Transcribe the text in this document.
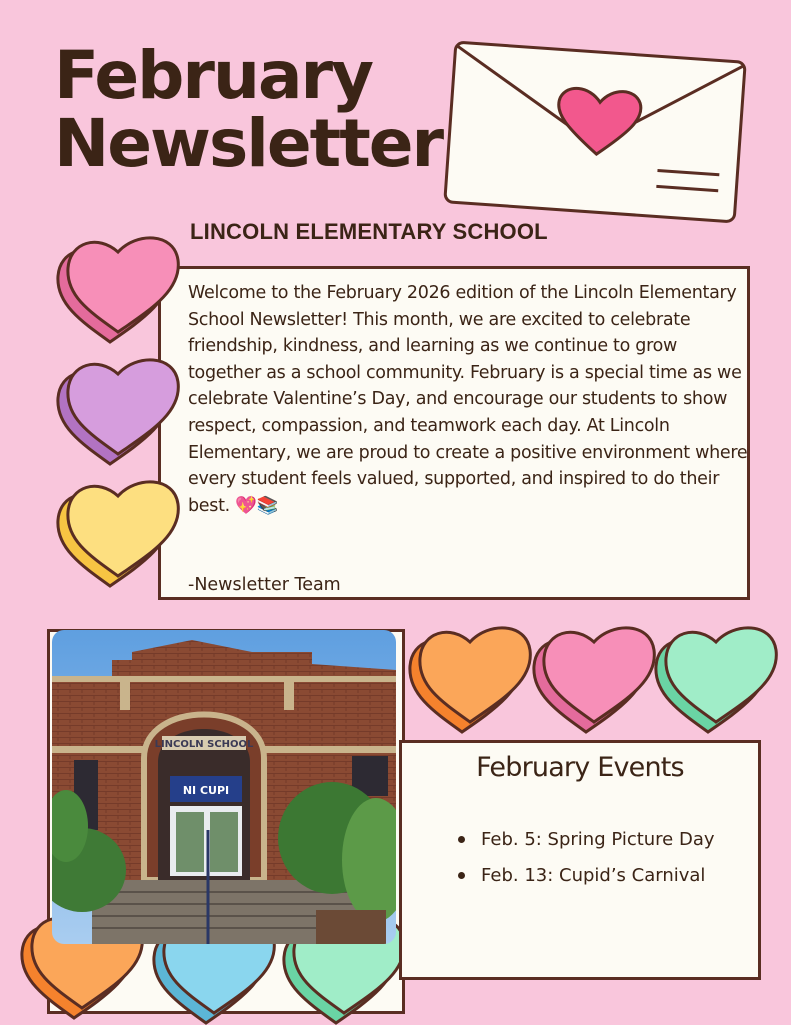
February
Newsletter
LINCOLN ELEMENTARY SCHOOL
Welcome to the February 2026 edition of the Lincoln Elementary School Newsletter! This month, we are excited to celebrate friendship, kindness, and learning as we continue to grow together as a school community. February is a special time as we celebrate Valentine’s Day, and encourage our students to show respect, compassion, and teamwork each day. At Lincoln Elementary, we are proud to create a positive environment where every student feels valued, supported, and inspired to do their best. 💖📚
-Newsletter Team
LINCOLN SCHOOL
NI CUPI
February Events
Feb. 5: Spring Picture Day
Feb. 13: Cupid’s Carnival
